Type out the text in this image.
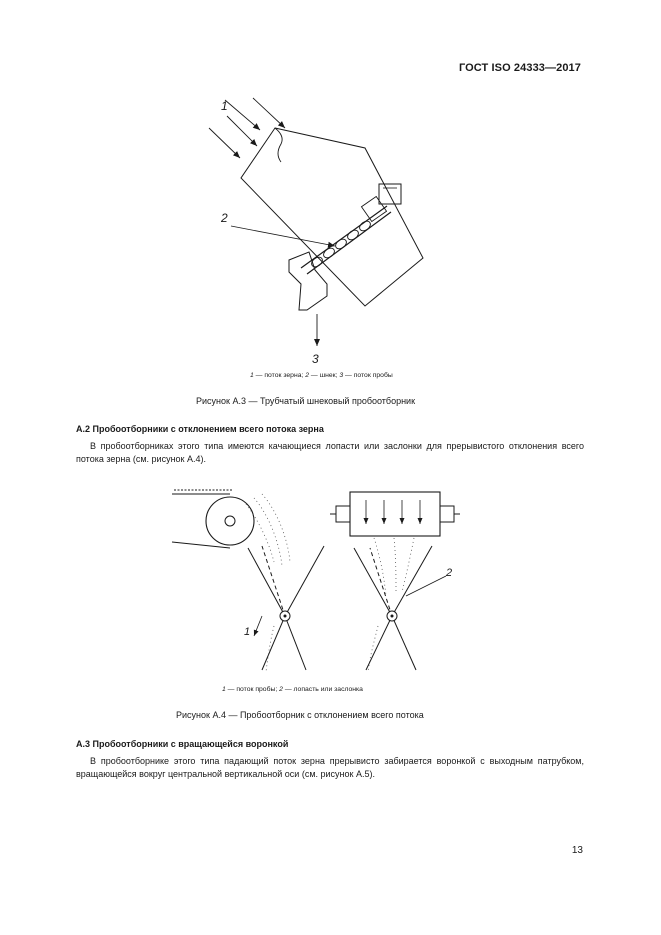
ГОСТ ISO 24333—2017
1
2
3
1 — поток зерна; 2 — шнек; 3 — поток пробы
Рисунок А.3 — Трубчатый шнековый пробоотборник
А.2 Пробоотборники с отклонением всего потока зерна
В пробоотборниках этого типа имеются качающиеся лопасти или заслонки для прерывистого отклонения всего потока зерна (см. рисунок А.4).
1
2
1 — поток пробы; 2 — лопасть или заслонка
Рисунок А.4 — Пробоотборник с отклонением всего потока
А.3 Пробоотборники с вращающейся воронкой
В пробоотборнике этого типа падающий поток зерна прерывисто забирается воронкой с выходным патрубком, вращающейся вокруг центральной вертикальной оси (см. рисунок А.5).
13
